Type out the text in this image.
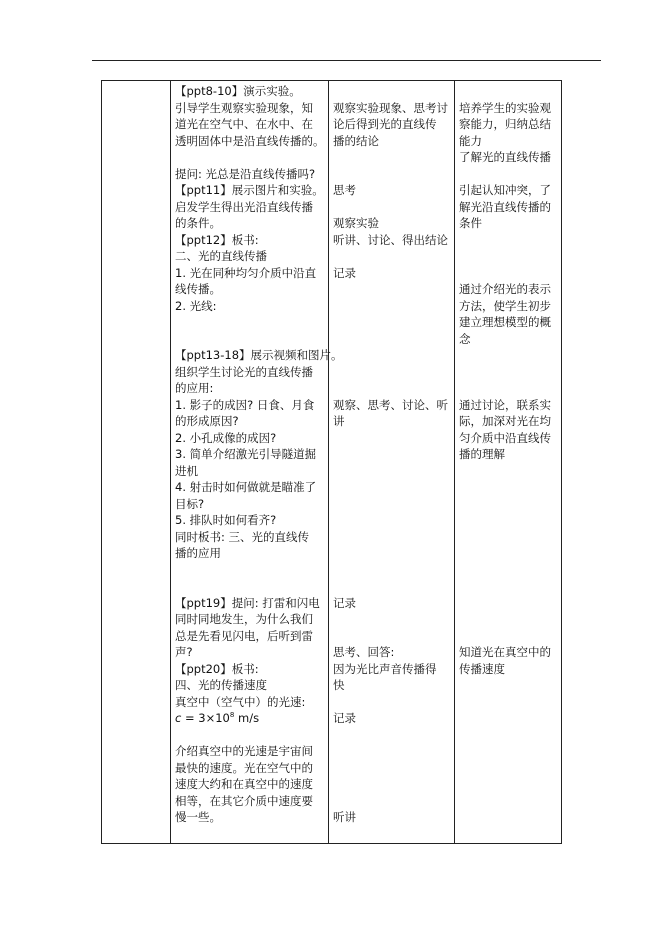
【ppt8-10】演示实验。
引导学生观察实验现象，知
道光在空气中、在水中、在
透明固体中是沿直线传播的。
提问: 光总是沿直线传播吗?
【ppt11】展示图片和实验。
启发学生得出光沿直线传播
的条件。
【ppt12】板书:
二、光的直线传播
1. 光在同种均匀介质中沿直
线传播。
2. 光线:
【ppt13-18】展示视频和图片。
组织学生讨论光的直线传播
的应用:
1. 影子的成因? 日食、月食
的形成原因?
2. 小孔成像的成因?
3. 简单介绍激光引导隧道掘
进机
4. 射击时如何做就是瞄准了
目标?
5. 排队时如何看齐?
同时板书: 三、光的直线传
播的应用
【ppt19】提问: 打雷和闪电
同时同地发生，为什么我们
总是先看见闪电，后听到雷
声?
【ppt20】板书:
四、光的传播速度
真空中（空气中）的光速:
$c = 3\times 10^8$ m/s
介绍真空中的光速是宇宙间
最快的速度。光在空气中的
速度大约和在真空中的速度
相等，在其它介质中速度要
慢一些。
观察实验现象、思考讨
论后得到光的直线传
播的结论
思考
观察实验
听讲、讨论、得出结论
记录
观察、思考、讨论、听
讲
记录
思考、回答:
因为光比声音传播得
快
记录
听讲
培养学生的实验观
察能力，归纳总结
能力
了解光的直线传播
引起认知冲突，了
解光沿直线传播的
条件
通过介绍光的表示
方法，使学生初步
建立理想模型的概
念
通过讨论，联系实
际，加深对光在均
匀介质中沿直线传
播的理解
知道光在真空中的
传播速度
